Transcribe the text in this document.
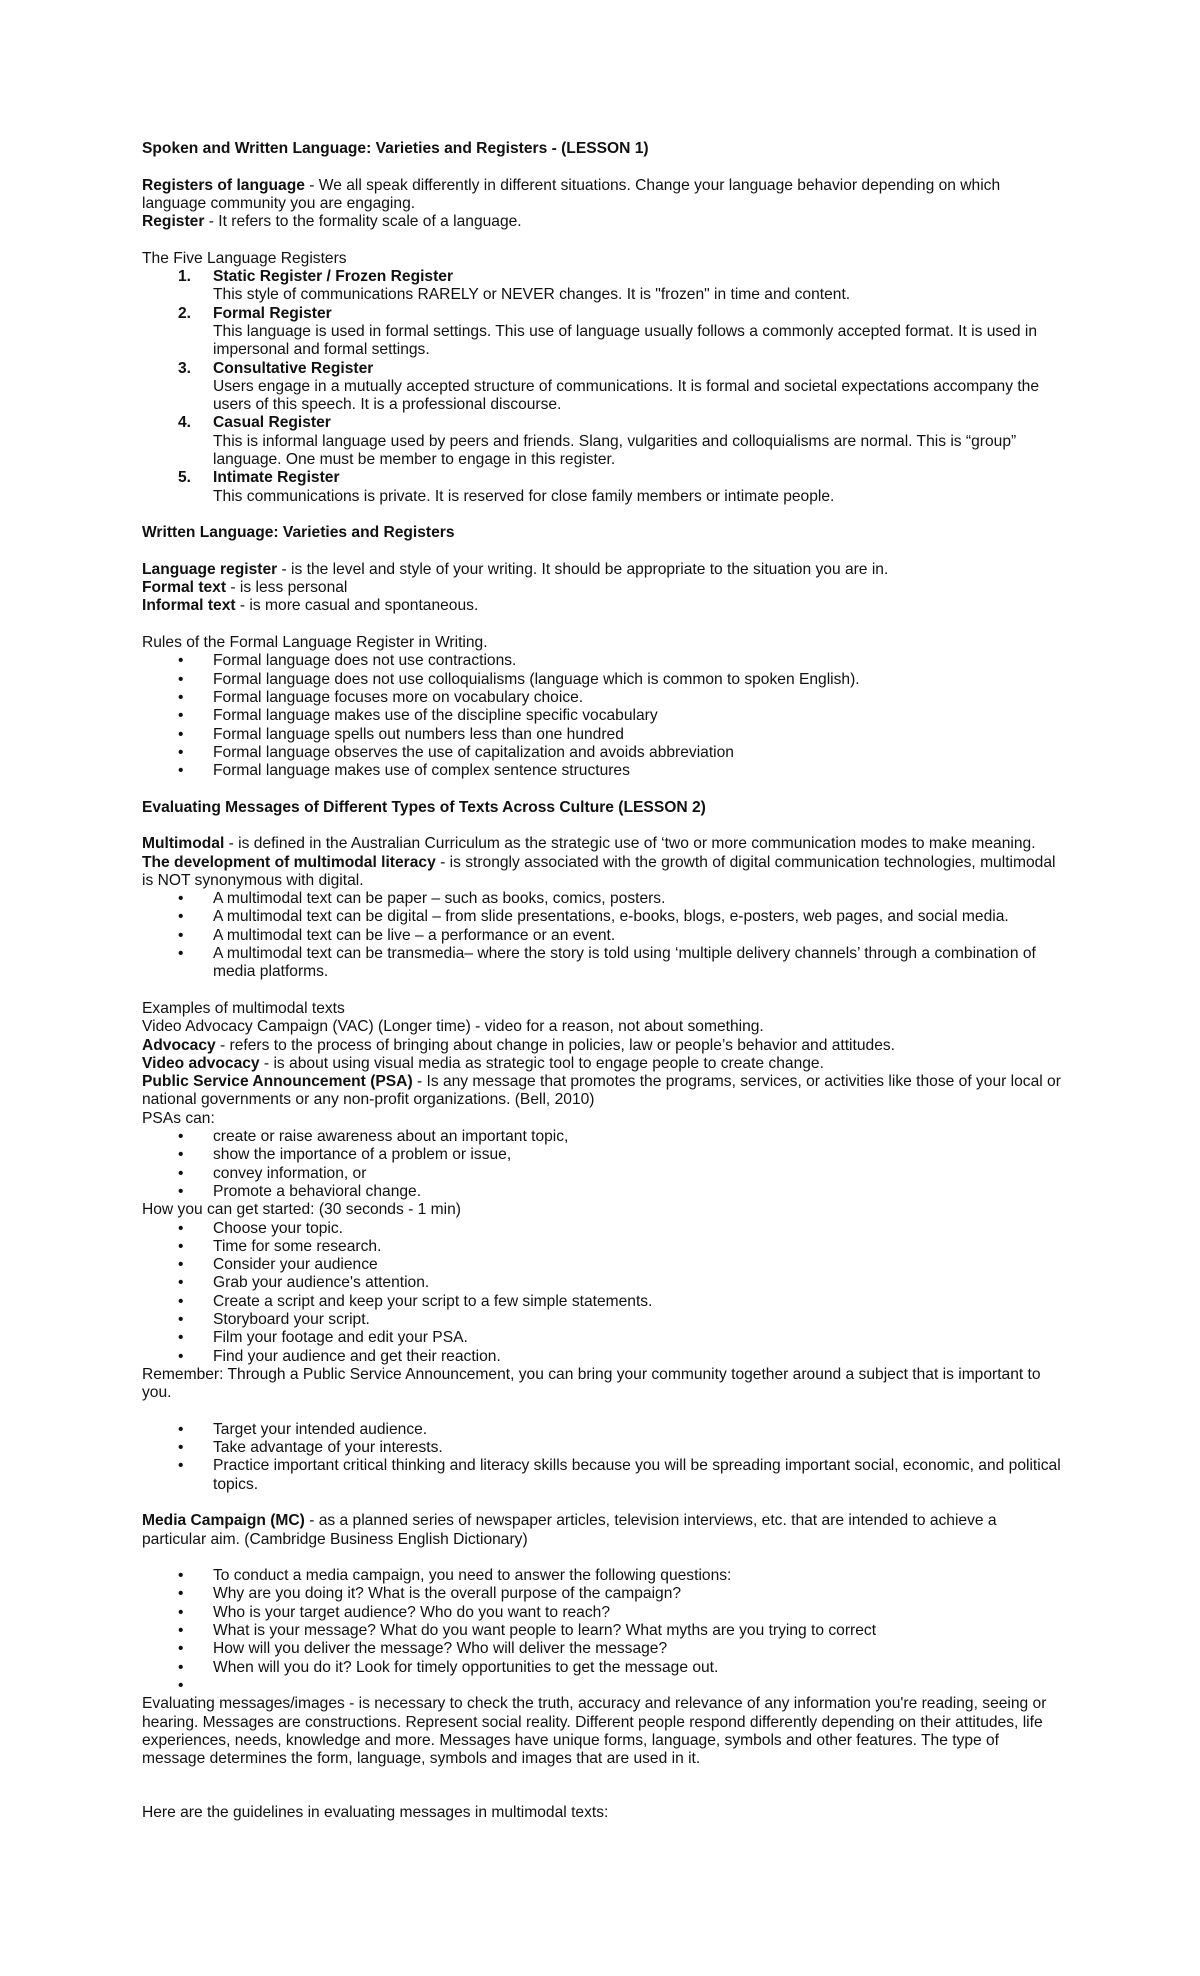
Spoken and Written Language: Varieties and Registers - (LESSON 1)

Registers of language - We all speak differently in different situations. Change your language behavior depending on which language community you are engaging.

Register - It refers to the formality scale of a language.

The Five Language Registers

1. Static Register / Frozen Register
This style of communications RARELY or NEVER changes. It is "frozen" in time and content.
2. Formal Register
This language is used in formal settings. This use of language usually follows a commonly accepted format. It is used in impersonal and formal settings.
3. Consultative Register
Users engage in a mutually accepted structure of communications. It is formal and societal expectations accompany the users of this speech. It is a professional discourse.
4. Casual Register
This is informal language used by peers and friends. Slang, vulgarities and colloquialisms are normal. This is “group” language. One must be member to engage in this register.
5. Intimate Register
This communications is private. It is reserved for close family members or intimate people.

Written Language: Varieties and Registers

Language register - is the level and style of your writing. It should be appropriate to the situation you are in.

Formal text - is less personal

Informal text - is more casual and spontaneous.

Rules of the Formal Language Register in Writing.

• Formal language does not use contractions.
• Formal language does not use colloquialisms (language which is common to spoken English).
• Formal language focuses more on vocabulary choice.
• Formal language makes use of the discipline specific vocabulary
• Formal language spells out numbers less than one hundred
• Formal language observes the use of capitalization and avoids abbreviation
• Formal language makes use of complex sentence structures

Evaluating Messages of Different Types of Texts Across Culture (LESSON 2)

Multimodal - is defined in the Australian Curriculum as the strategic use of ‘two or more communication modes to make meaning.

The development of multimodal literacy - is strongly associated with the growth of digital communication technologies, multimodal is NOT synonymous with digital.

• A multimodal text can be paper – such as books, comics, posters.
• A multimodal text can be digital – from slide presentations, e-books, blogs, e-posters, web pages, and social media.
• A multimodal text can be live – a performance or an event.
• A multimodal text can be transmedia– where the story is told using ‘multiple delivery channels’ through a combination of media platforms.

Examples of multimodal texts

Video Advocacy Campaign (VAC) (Longer time) - video for a reason, not about something.

Advocacy - refers to the process of bringing about change in policies, law or people’s behavior and attitudes.

Video advocacy - is about using visual media as strategic tool to engage people to create change.

Public Service Announcement (PSA) - Is any message that promotes the programs, services, or activities like those of your local or national governments or any non-profit organizations. (Bell, 2010)

PSAs can:

• create or raise awareness about an important topic,
• show the importance of a problem or issue,
• convey information, or
• Promote a behavioral change.

How you can get started: (30 seconds - 1 min)

• Choose your topic.
• Time for some research.
• Consider your audience
• Grab your audience's attention.
• Create a script and keep your script to a few simple statements.
• Storyboard your script.
• Film your footage and edit your PSA.
• Find your audience and get their reaction.

Remember: Through a Public Service Announcement, you can bring your community together around a subject that is important to you.

• Target your intended audience.
• Take advantage of your interests.
• Practice important critical thinking and literacy skills because you will be spreading important social, economic, and political topics.

Media Campaign (MC) - as a planned series of newspaper articles, television interviews, etc. that are intended to achieve a particular aim. (Cambridge Business English Dictionary)

• To conduct a media campaign, you need to answer the following questions:
• Why are you doing it? What is the overall purpose of the campaign?
• Who is your target audience? Who do you want to reach?
• What is your message? What do you want people to learn? What myths are you trying to correct
• How will you deliver the message? Who will deliver the message?
• When will you do it? Look for timely opportunities to get the message out.
•

Evaluating messages/images - is necessary to check the truth, accuracy and relevance of any information you're reading, seeing or hearing. Messages are constructions. Represent social reality. Different people respond differently depending on their attitudes, life experiences, needs, knowledge and more. Messages have unique forms, language, symbols and other features. The type of message determines the form, language, symbols and images that are used in it.

Here are the guidelines in evaluating messages in multimodal texts:
